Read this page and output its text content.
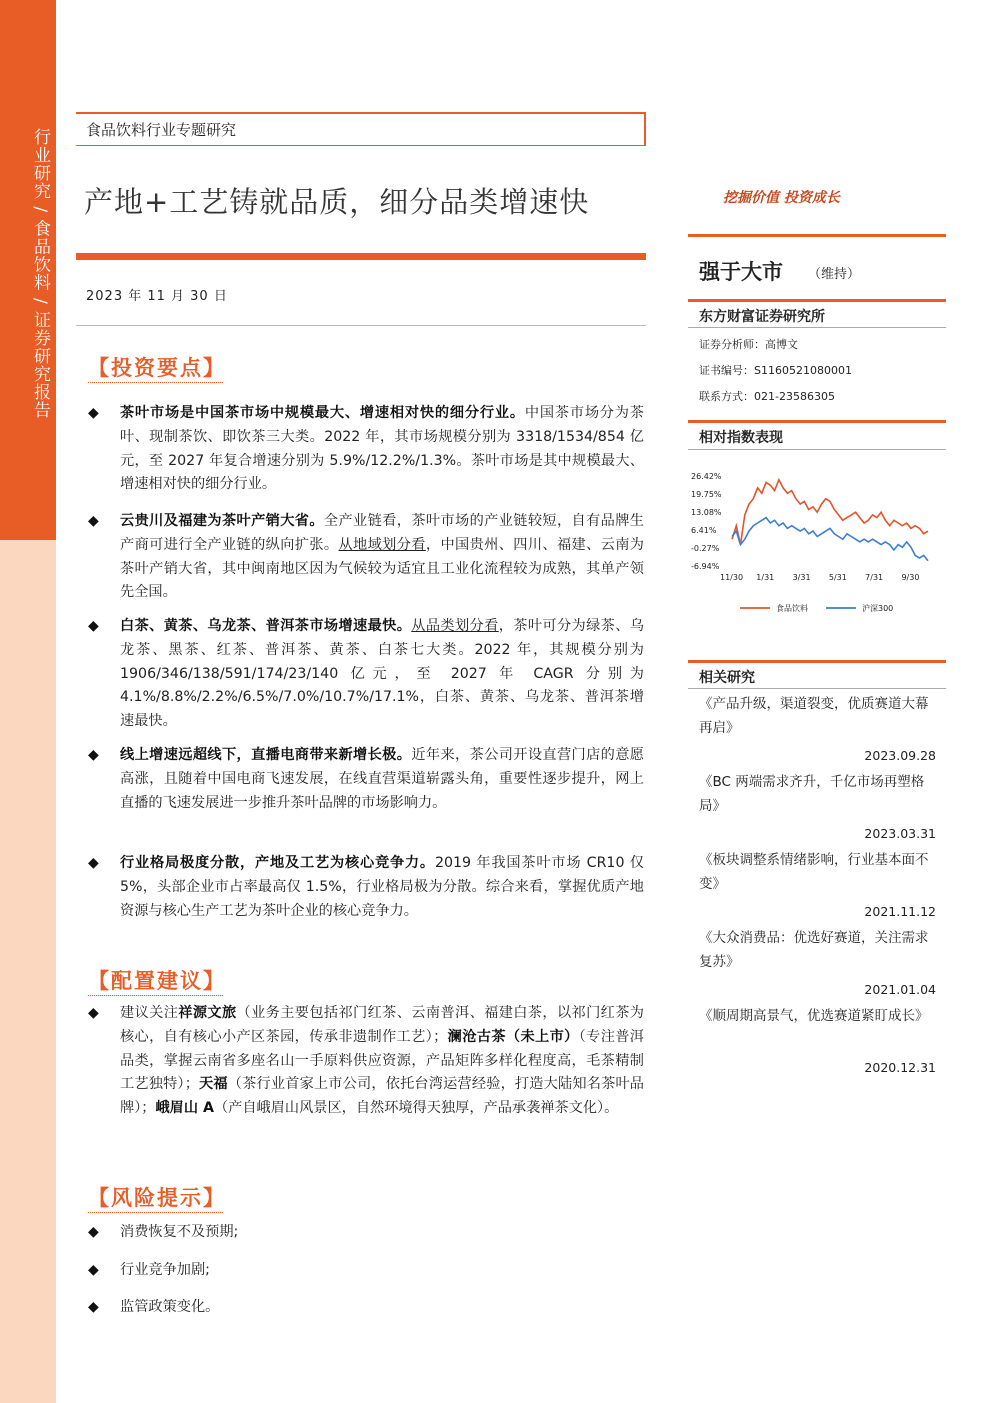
行业研究 / 食品饮料 / 证券研究报告 食品饮料行业专题研究
产地+工艺铸就品质，细分品类增速快	挖掘价值 投资成长
2023 年 11 月 30 日
【投资要点】
◆	茶叶市场是中国茶市场中规模最大、增速相对快的细分行业。中国茶市场分为茶叶、现制茶饮、即饮茶三大类。2022 年，其市场规模分别为 3318/1534/854 亿元，至 2027 年复合增速分别为 5.9%/12.2%/1.3%。茶叶市场是其中规模最大、增速相对快的细分行业。
◆	云贵川及福建为茶叶产销大省。全产业链看，茶叶市场的产业链较短，自有品牌生产商可进行全产业链的纵向扩张。从地域划分看，中国贵州、四川、福建、云南为茶叶产销大省，其中闽南地区因为气候较为适宜且工业化流程较为成熟，其单产领先全国。
◆	白茶、黄茶、乌龙茶、普洱茶市场增速最快。从品类划分看，茶叶可分为绿茶、乌龙茶、黑茶、红茶、普洱茶、黄茶、白茶七大类。2022 年，其规模分别为 1906/346/138/591/174/23/140 亿元，至 2027 年 CAGR 分别为 4.1%/8.8%/2.2%/6.5%/7.0%/10.7%/17.1%，白茶、黄茶、乌龙茶、普洱茶增速最快。
◆	线上增速远超线下，直播电商带来新增长极。近年来，茶公司开设直营门店的意愿高涨，且随着中国电商飞速发展，在线直营渠道崭露头角，重要性逐步提升，网上直播的飞速发展进一步推升茶叶品牌的市场影响力。
◆	行业格局极度分散，产地及工艺为核心竞争力。2019 年我国茶叶市场 CR10 仅 5%，头部企业市占率最高仅 1.5%，行业格局极为分散。综合来看，掌握优质产地资源与核心生产工艺为茶叶企业的核心竞争力。
【配置建议】
◆	建议关注祥源文旅（业务主要包括祁门红茶、云南普洱、福建白茶，以祁门红茶为核心，自有核心小产区茶园，传承非遗制作工艺）；澜沧古茶（未上市）（专注普洱品类，掌握云南省多座名山一手原料供应资源，产品矩阵多样化程度高，毛茶精制工艺独特）；天福（茶行业首家上市公司，依托台湾运营经验，打造大陆知名茶叶品牌）；峨眉山 A（产自峨眉山风景区，自然环境得天独厚，产品承袭禅茶文化）。
【风险提示】
◆	消费恢复不及预期;
◆	行业竞争加剧;
◆	监管政策变化。
强于大市 （维持）
东方财富证券研究所
证券分析师：高博文
证书编号：S1160521080001
联系方式：021-23586305
相对指数表现
26.42%
19.75%
13.08%
6.41%
-0.27%
-6.94%
11/30 1/31 3/31 5/31 7/31 9/30
食品饮料	沪深300
相关研究
《产品升级，渠道裂变，优质赛道大幕再启》
2023.09.28
《BC 两端需求齐升，千亿市场再塑格局》
2023.03.31
《板块调整系情绪影响，行业基本面不变》
2021.11.12
《大众消费品：优选好赛道，关注需求复苏》
2021.01.04
《顺周期高景气，优选赛道紧盯成长》
2020.12.31
